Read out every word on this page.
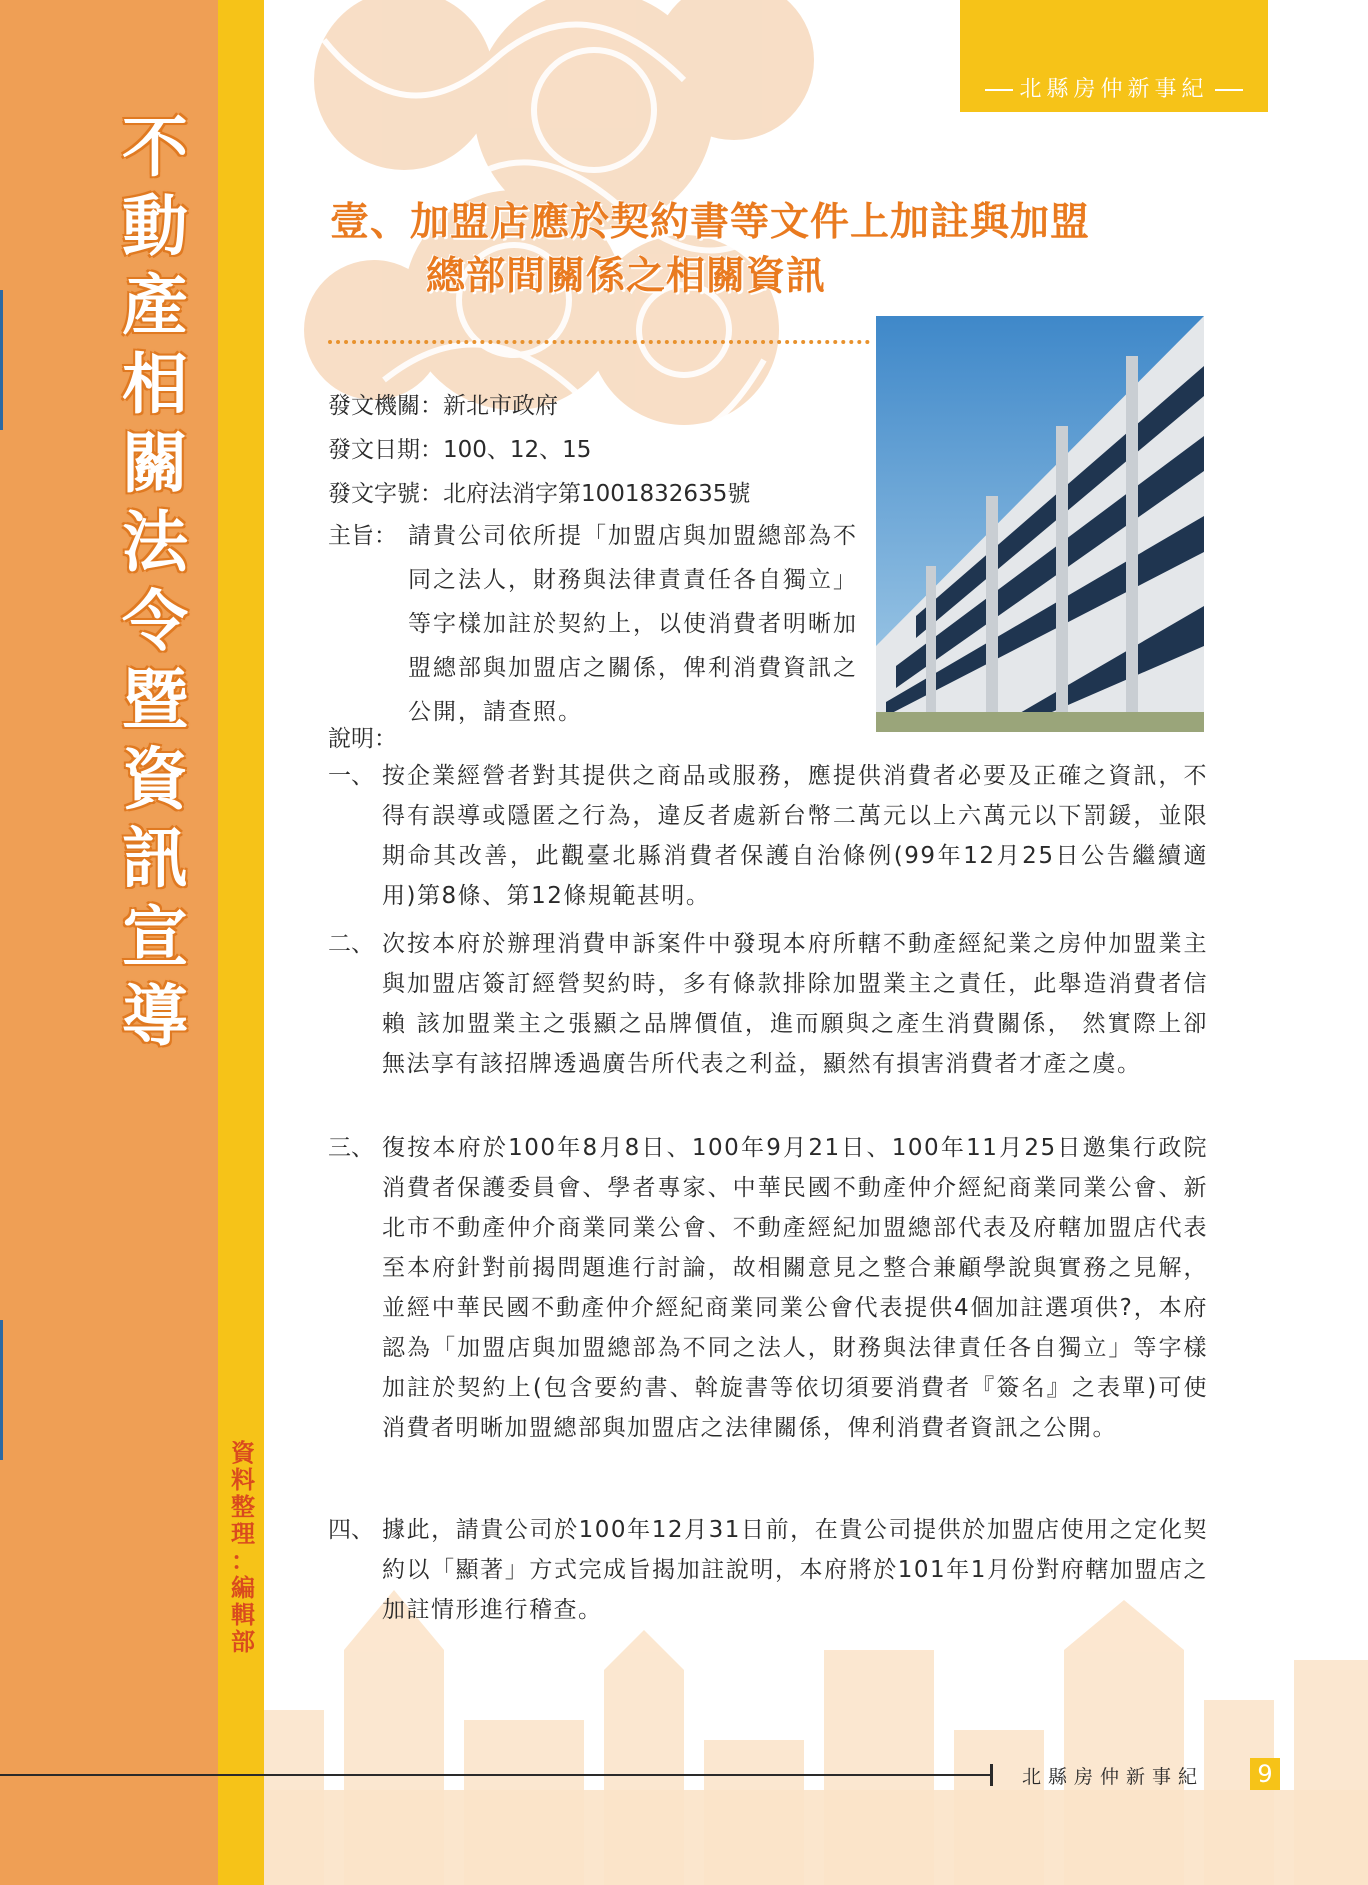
不
動
產
相
關
法
令
暨
資
訊
宣
導
資
料
整
理
：
編
輯
部
北縣房仲新事紀
壹、加盟店應於契約書等文件上加註與加盟
總部間關係之相關資訊
發文機關：新北市政府
發文日期：100、12、15
發文字號：北府法消字第1001832635號
主旨： 請貴公司依所提「加盟店與加盟總部為不同之法人，財務與法律責責任各自獨立」等字樣加註於契約上，以使消費者明晰加盟總部與加盟店之關係，俾利消費資訊之公開，請查照。
說明：
一、 按企業經營者對其提供之商品或服務，應提供消費者必要及正確之資訊，不得有誤導或隱匿之行為，違反者處新台幣二萬元以上六萬元以下罰鍰，並限期命其改善，此觀臺北縣消費者保護自治條例(99年12月25日公告繼續適用)第8條、第12條規範甚明。
二、 次按本府於辦理消費申訴案件中發現本府所轄不動產經紀業之房仲加盟業主與加盟店簽訂經營契約時，多有條款排除加盟業主之責任，此舉造消費者信賴 該加盟業主之張顯之品牌價值，進而願與之產生消費關係， 然實際上卻無法享有該招牌透過廣告所代表之利益，顯然有損害消費者才產之虞。
三、 復按本府於100年8月8日、100年9月21日、100年11月25日邀集行政院消費者保護委員會、學者專家、中華民國不動產仲介經紀商業同業公會、新北市不動產仲介商業同業公會、不動產經紀加盟總部代表及府轄加盟店代表至本府針對前揭問題進行討論，故相關意見之整合兼顧學說與實務之見解，並經中華民國不動產仲介經紀商業同業公會代表提供4個加註選項供?，本府認為「加盟店與加盟總部為不同之法人，財務與法律責任各自獨立」等字樣加註於契約上(包含要約書、斡旋書等依切須要消費者『簽名』之表單)可使消費者明晰加盟總部與加盟店之法律關係，俾利消費者資訊之公開。
四、 據此，請貴公司於100年12月31日前，在貴公司提供於加盟店使用之定化契約以「顯著」方式完成旨揭加註說明，本府將於101年1月份對府轄加盟店之加註情形進行稽查。
北縣房仲新事紀	9
